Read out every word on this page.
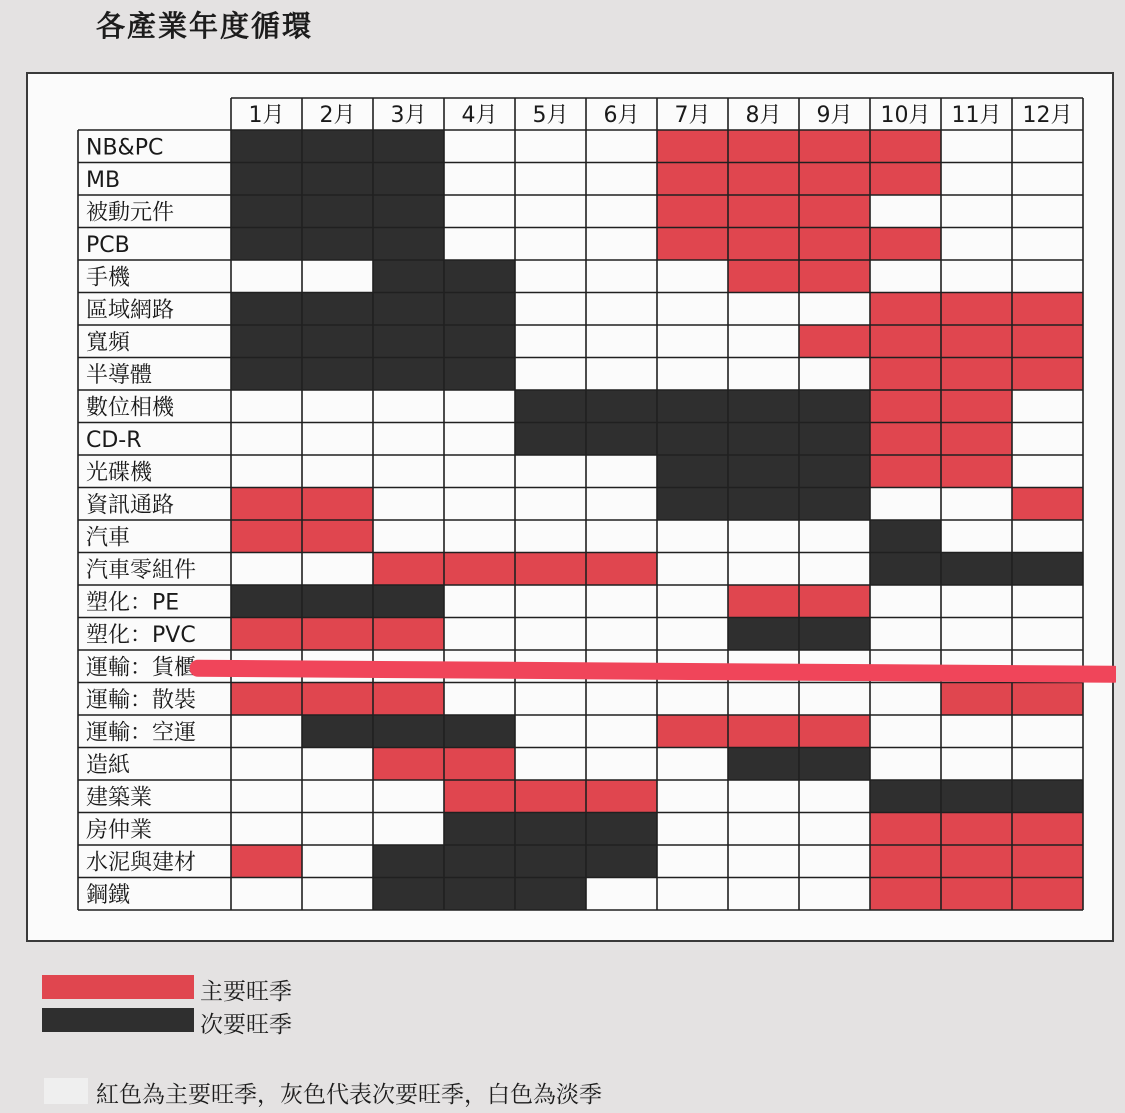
各產業年度循環
1月 2月 3月 4月 5月 6月 7月 8月 9月 10月 11月 12月
NB&PC
MB
被動元件
PCB
手機
區域網路
寬頻
半導體
數位相機
CD-R
光碟機
資訊通路
汽車
汽車零組件
塑化：PE
塑化：PVC
運輸：貨櫃
運輸：散裝
運輸：空運
造紙
建築業
房仲業
水泥與建材
鋼鐵
主要旺季
次要旺季
紅色為主要旺季，灰色代表次要旺季，白色為淡季
